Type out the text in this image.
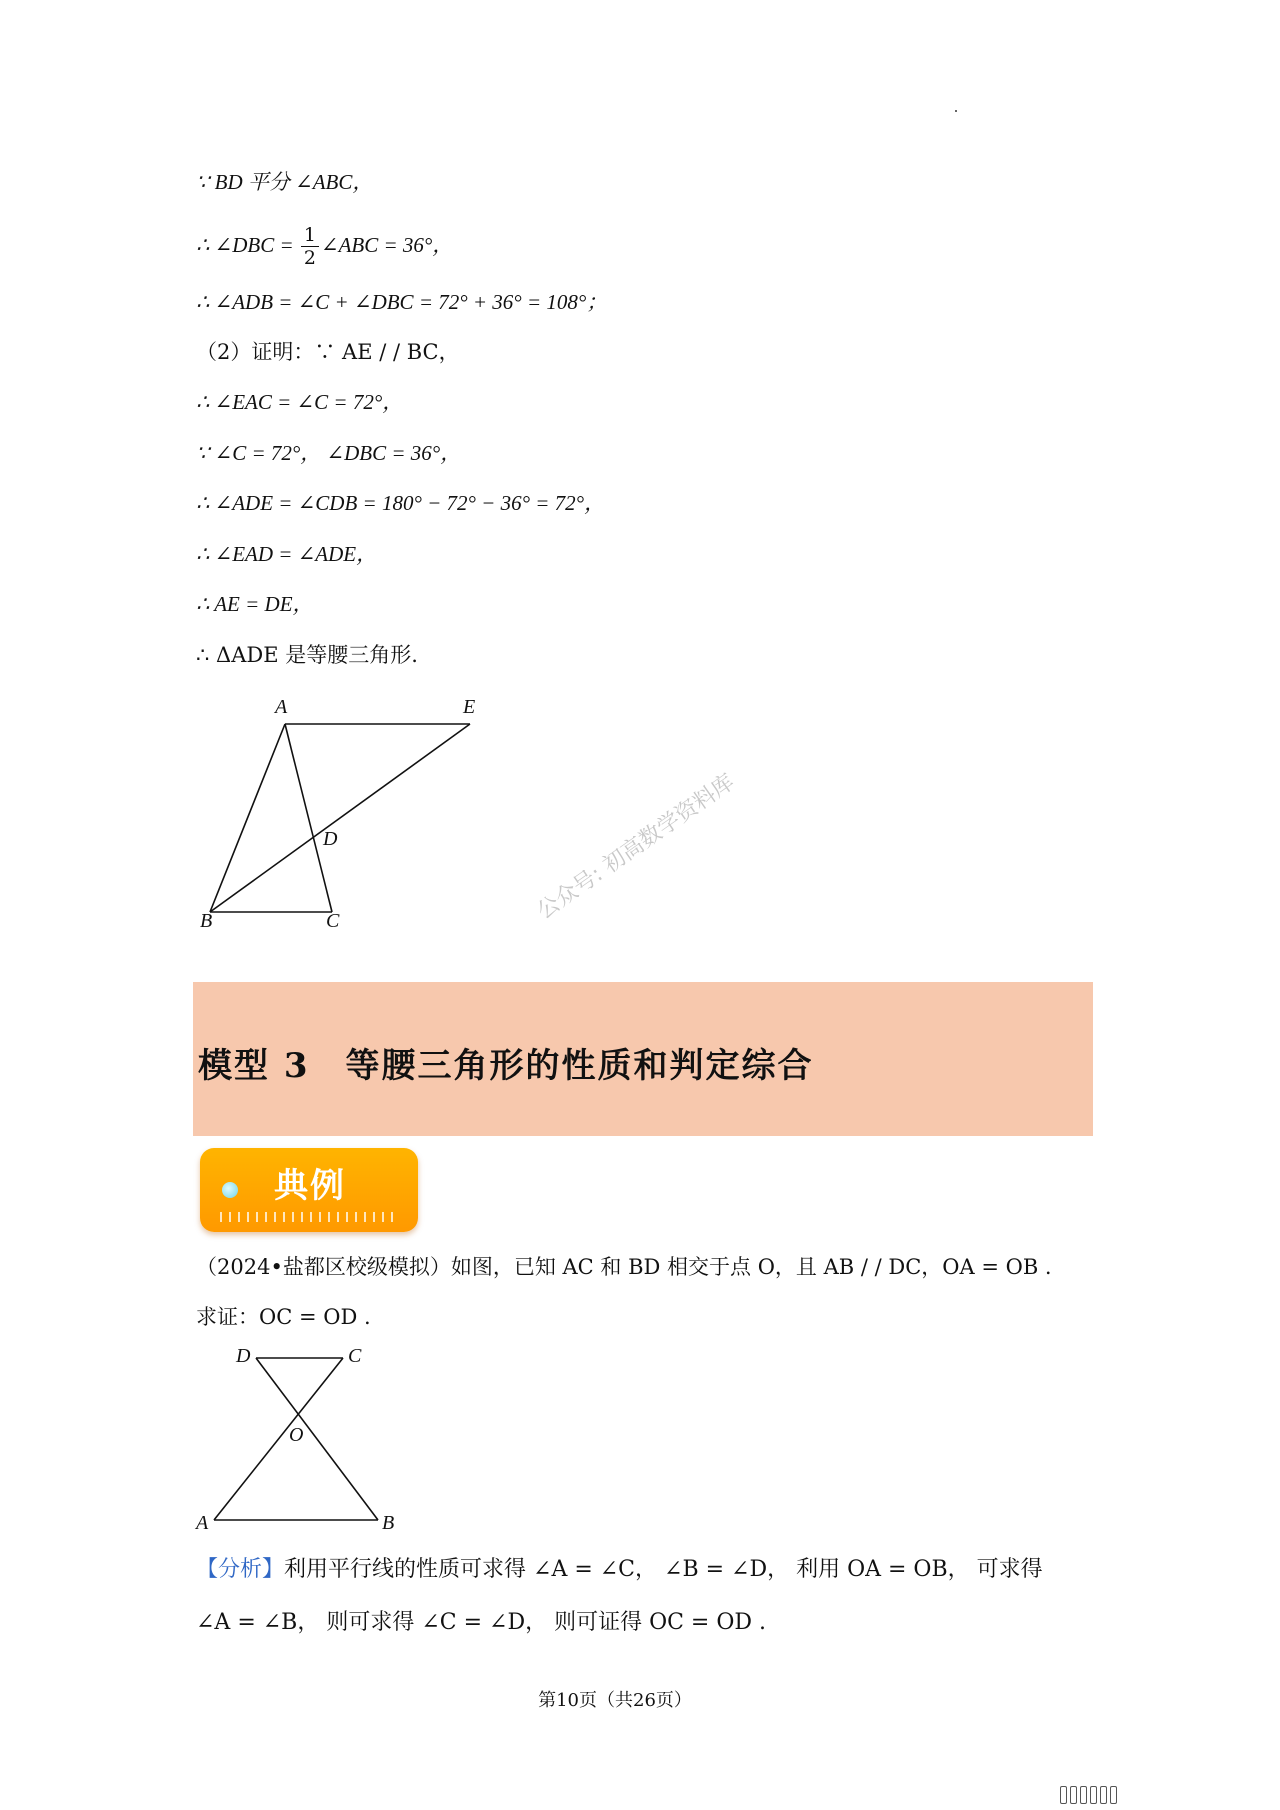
∵ BD 平分 ∠ABC，
∴ ∠DBC = $\frac{1}{2}$ ∠ABC = 36°，
∴ ∠ADB = ∠C + ∠DBC = 72° + 36° = 108°；
（2）证明：∵ AE / / BC，
∴ ∠EAC = ∠C = 72°，
∵ ∠C = 72°， ∠DBC = 36°，
∴ ∠ADE = ∠CDB = 180° − 72° − 36° = 72°，
∴ ∠EAD = ∠ADE，
∴ AE = DE，
∴ ΔADE 是等腰三角形.
A	E
D
B	C	公众号: 初高数学资料库
模型 3　等腰三角形的性质和判定综合
典例
（2024•盐都区校级模拟）如图，已知 AC 和 BD 相交于点 O，且 AB / / DC，OA = OB .
求证：OC = OD .
D	C
O
A	B
【分析】利用平行线的性质可求得 ∠A = ∠C， ∠B = ∠D， 利用 OA = OB， 可求得
∠A = ∠B， 则可求得 ∠C = ∠D， 则可证得 OC = OD .
第10页（共26页）
